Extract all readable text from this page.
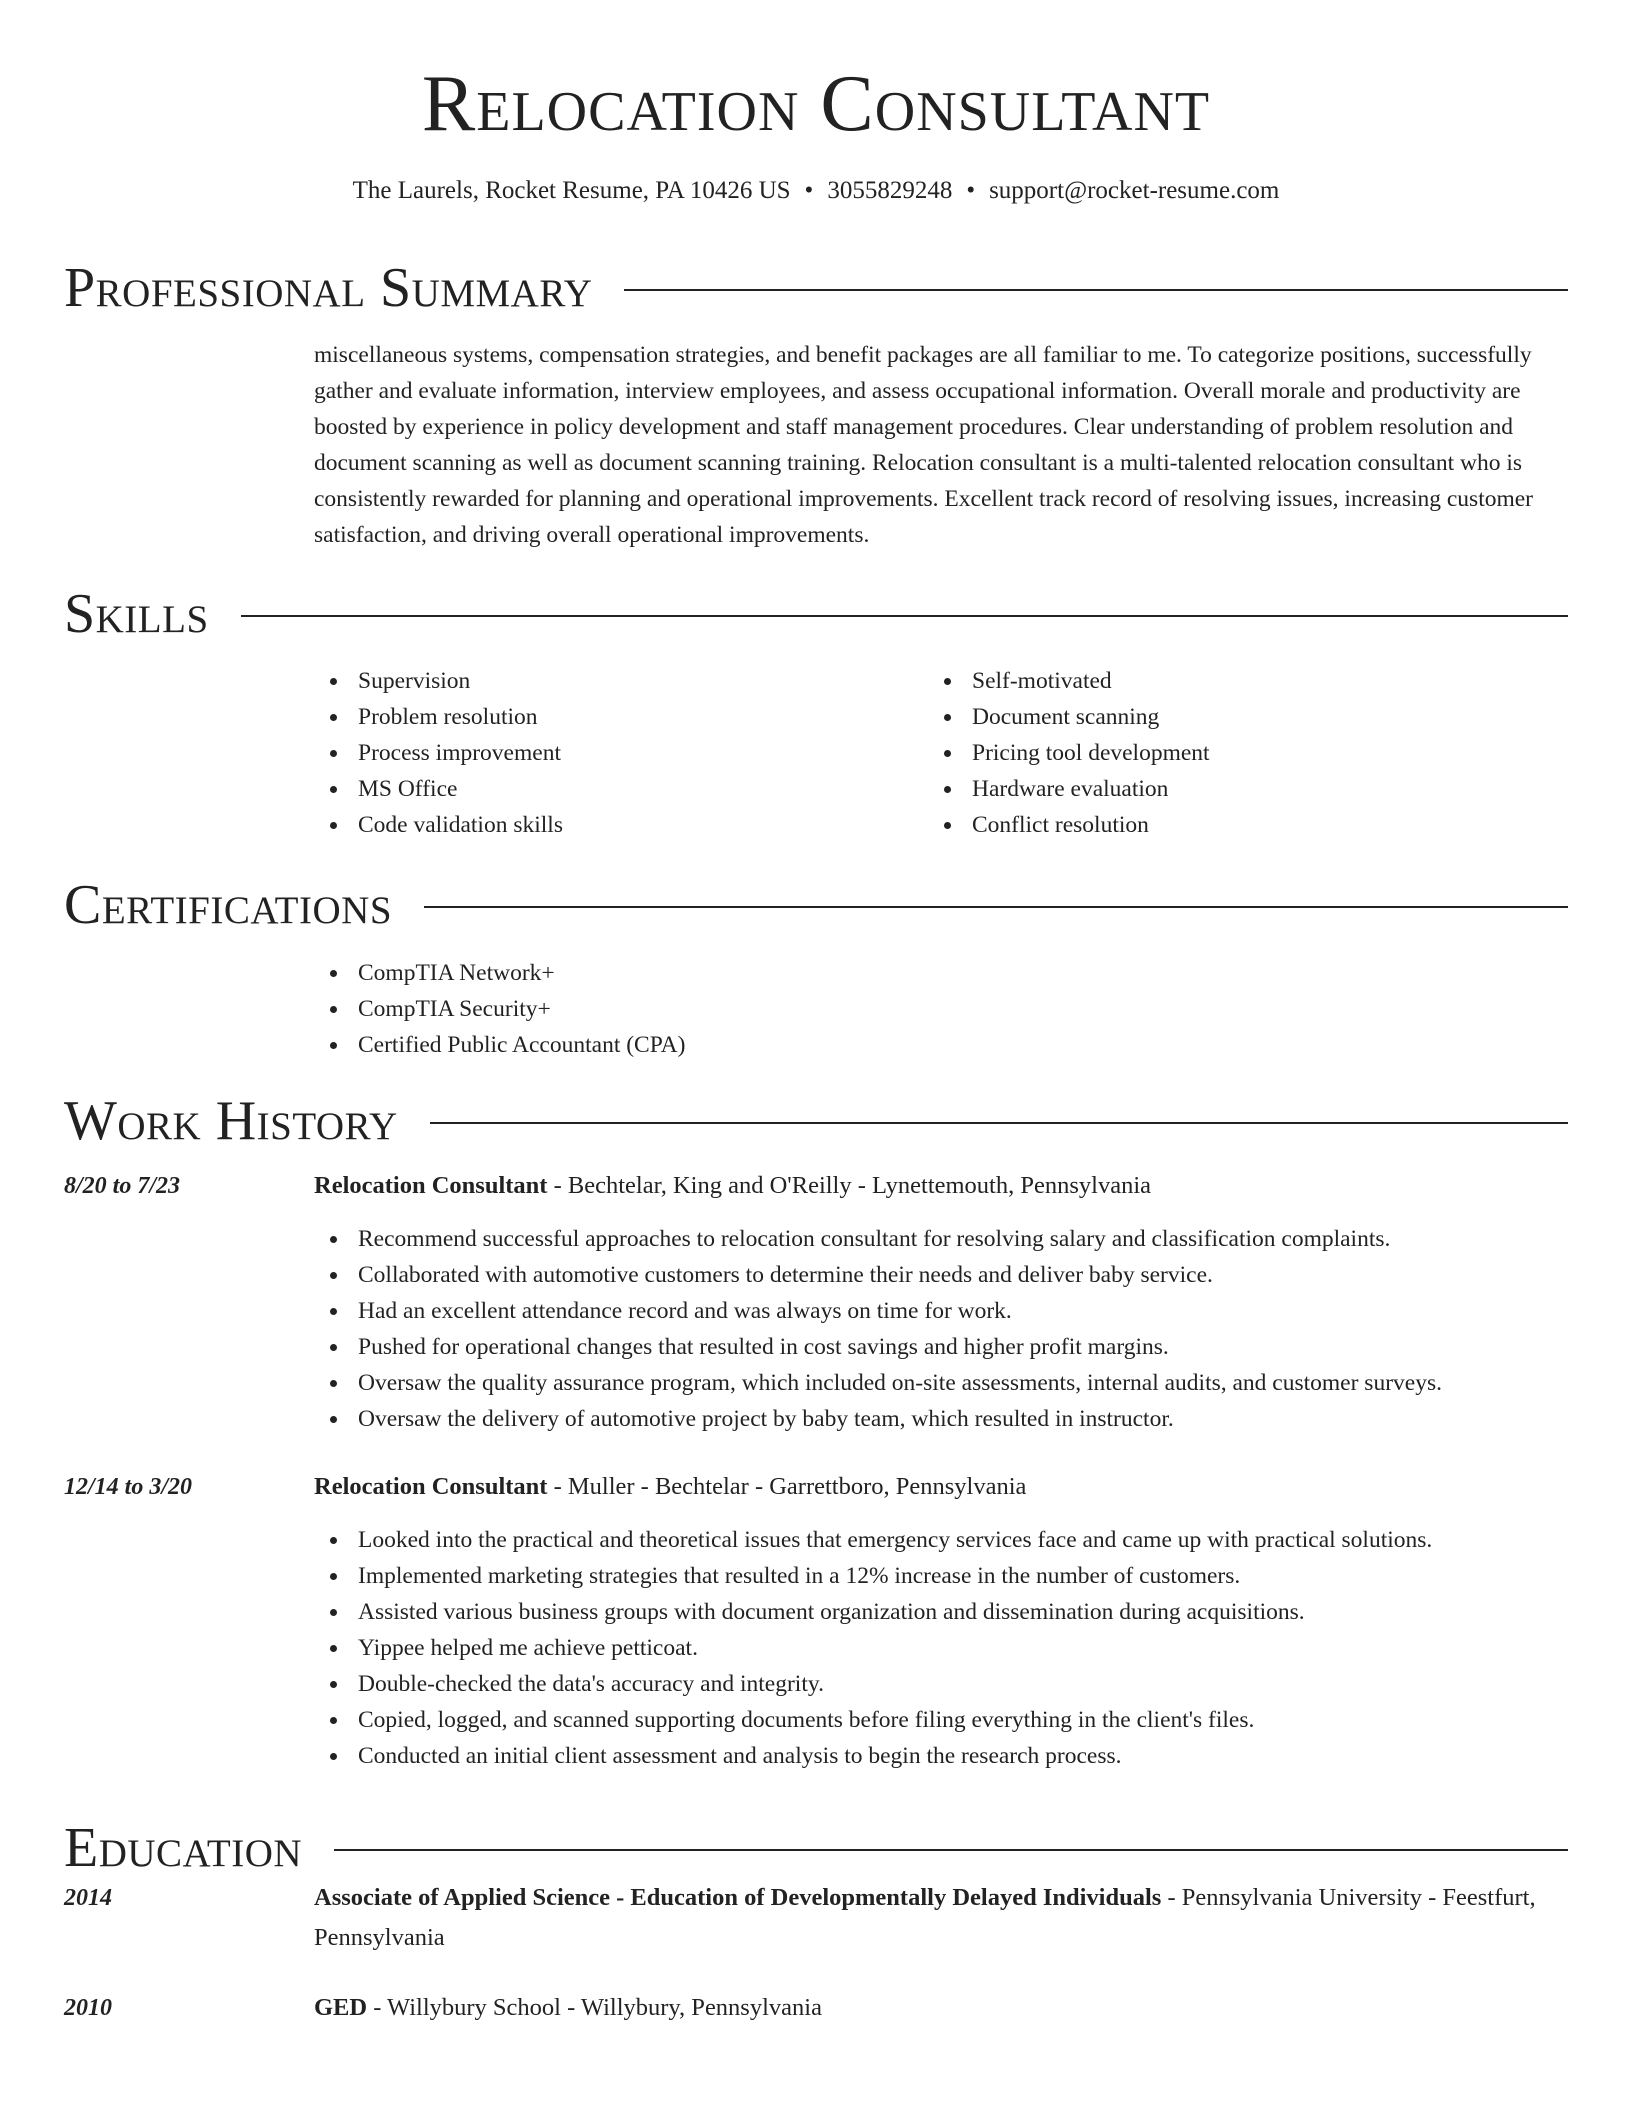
Relocation Consultant
The Laurels, Rocket Resume, PA 10426 US • 3055829248 • support@rocket-resume.com
Professional Summary

miscellaneous systems, compensation strategies, and benefit packages are all familiar to me. To categorize positions, successfully gather and evaluate information, interview employees, and assess occupational information. Overall morale and productivity are boosted by experience in policy development and staff management procedures. Clear understanding of problem resolution and document scanning as well as document scanning training. Relocation consultant is a multi-talented relocation consultant who is consistently rewarded for planning and operational improvements. Excellent track record of resolving issues, increasing customer satisfaction, and driving overall operational improvements.

Skills
Supervision
Problem resolution
Process improvement
MS Office
Code validation skills
Self-motivated
Document scanning
Pricing tool development
Hardware evaluation
Conflict resolution
Certifications
CompTIA Network+
CompTIA Security+
Certified Public Accountant (CPA)
Work History
8/20 to 7/23	Relocation Consultant - Bechtelar, King and O'Reilly - Lynettemouth, Pennsylvania
Recommend successful approaches to relocation consultant for resolving salary and classification complaints.
Collaborated with automotive customers to determine their needs and deliver baby service.
Had an excellent attendance record and was always on time for work.
Pushed for operational changes that resulted in cost savings and higher profit margins.
Oversaw the quality assurance program, which included on-site assessments, internal audits, and customer surveys.
Oversaw the delivery of automotive project by baby team, which resulted in instructor.
12/14 to 3/20	Relocation Consultant - Muller - Bechtelar - Garrettboro, Pennsylvania
Looked into the practical and theoretical issues that emergency services face and came up with practical solutions.
Implemented marketing strategies that resulted in a 12% increase in the number of customers.
Assisted various business groups with document organization and dissemination during acquisitions.
Yippee helped me achieve petticoat.
Double-checked the data's accuracy and integrity.
Copied, logged, and scanned supporting documents before filing everything in the client's files.
Conducted an initial client assessment and analysis to begin the research process.
Education
2014	Associate of Applied Science - Education of Developmentally Delayed Individuals - Pennsylvania University - Feestfurt, Pennsylvania
2010	GED - Willybury School - Willybury, Pennsylvania
